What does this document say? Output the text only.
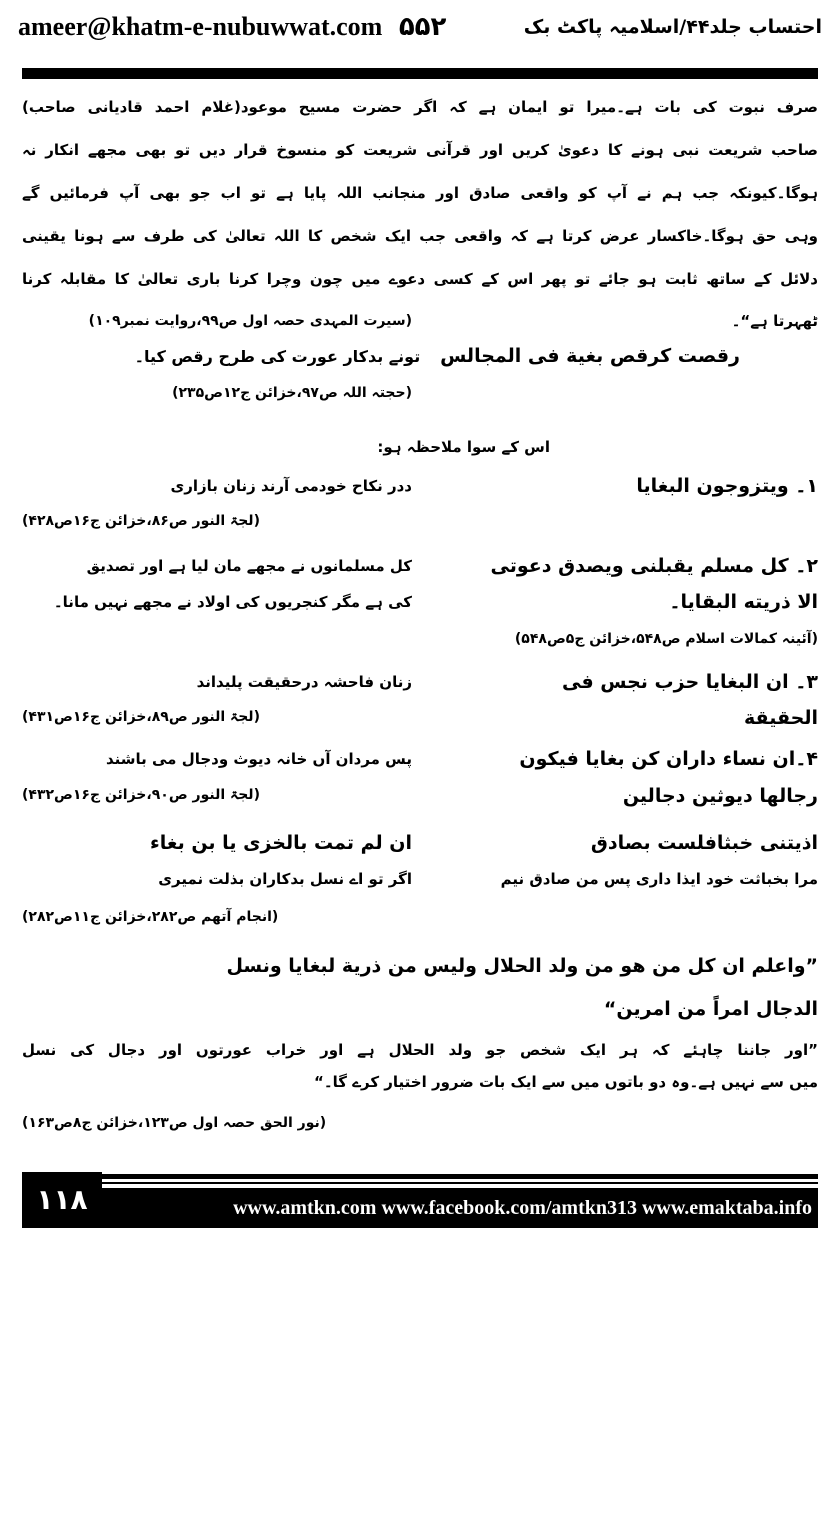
ameer@khatm-e-nubuwwat.com ۵۵۲	احتساب جلد۴۴/اسلامیہ پاکٹ بک
صرف نبوت کی بات ہے۔میرا تو ایمان ہے کہ اگر حضرت مسیح موعود(غلام احمد قادیانی صاحب)
صاحب شریعت نبی ہونے کا دعویٰ کریں اور قرآنی شریعت کو منسوخ قرار دیں تو بھی مجھے انکار نہ
ہوگا۔کیونکہ جب ہم نے آپ کو واقعی صادق اور منجانب اللہ پایا ہے تو اب جو بھی آپ فرمائیں گے
وہی حق ہوگا۔خاکسار عرض کرتا ہے کہ واقعی جب ایک شخص کا اللہ تعالیٰ کی طرف سے ہونا یقینی
دلائل کے ساتھ ثابت ہو جائے تو پھر اس کے کسی دعوے میں چون وچرا کرنا باری تعالیٰ کا مقابلہ کرنا
ٹھہرتا ہے“۔
(سیرت المہدی حصہ اول ص۹۹،روایت نمبر۱۰۹)
رقصت کرقص بغیة فی المجالس   تونے بدکار عورت کی طرح رقص کیا۔
(حجتہ اللہ ص۹۷،خزائن ج۱۲ص۲۳۵)
اس کے سوا ملاحظہ ہو:
۱۔ ویتزوجون البغایا
ددر نکاح خودمی آرند زنان بازاری
(لجۃ النور ص۸۶،خزائن ج۱۶ص۴۲۸)
۲۔ کل مسلم یقبلنی ویصدق دعوتی
الا ذریته البقایا۔
کل مسلمانوں نے مجھے مان لیا ہے اور تصدیق
کی ہے مگر کنجریوں کی اولاد نے مجھے نہیں مانا۔
(آئینہ کمالات اسلام ص۵۴۸،خزائن ج۵ص۵۴۸)
۳۔ ان البغایا حزب نجس فی
الحقیقة
زنان فاحشہ درحقیقت پلیداند
(لجۃ النور ص۸۹،خزائن ج۱۶ص۴۳۱)
۴۔ان نساء داران کن بغایا فیکون
رجالها دیوثین دجالین
پس مردان آں خانہ دیوث ودجال می باشند
(لجۃ النور ص۹۰،خزائن ج۱۶ص۴۳۲)
اذیتنی خبثافلست بصادق
ان لم تمت بالخزی یا بن بغاء
مرا بخباثت خود ایذا داری پس من صادق نیم
اگر تو اے نسل بدکاران بذلت نمیری
(انجام آتھم ص۲۸۲،خزائن ج۱۱ص۲۸۲)
”واعلم ان کل من هو من ولد الحلال ولیس من ذریة لبغایا ونسل
الدجال امراً من امرین“
”اور جاننا چاہئے کہ ہر ایک شخص جو ولد الحلال ہے اور خراب عورتوں اور دجال کی نسل
میں سے نہیں ہے۔وہ دو باتوں میں سے ایک بات ضرور اختیار کرے گا۔“
(نور الحق حصہ اول ص۱۲۳،خزائن ج۸ص۱۶۳)
۱۱۸	www.amtkn.com www.facebook.com/amtkn313 www.emaktaba.info
